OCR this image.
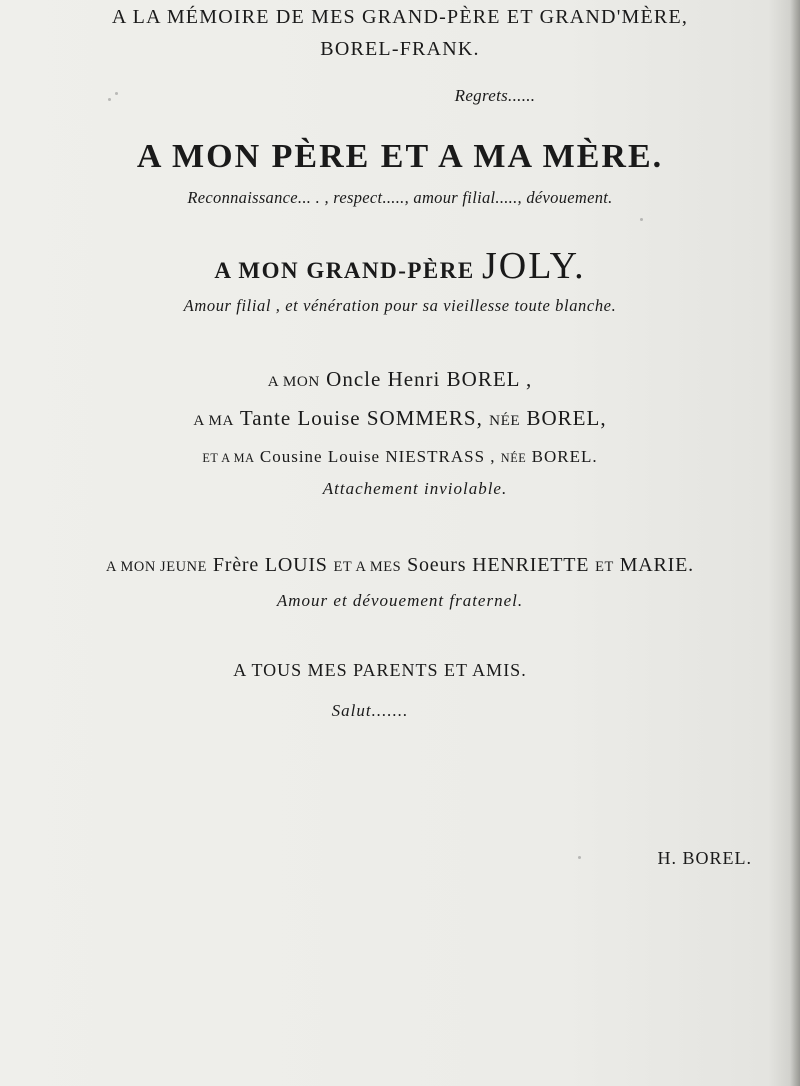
A LA MÉMOIRE DE MES GRAND-PÈRE ET GRAND'MÈRE,
BOREL-FRANK.
Regrets......
A MON PÈRE ET A MA MÈRE.
Reconnaissance... . , respect....., amour filial....., dévouement.
A MON GRAND-PÈRE JOLY.
Amour filial , et vénération pour sa vieillesse toute blanche.
A MON Oncle Henri BOREL ,
A MA Tante Louise SOMMERS, NÉE BOREL,
ET A MA Cousine Louise NIESTRASS , NÉE BOREL.
Attachement inviolable.
A MON JEUNE Frère LOUIS ET A MES Soeurs HENRIETTE ET MARIE.
Amour et dévouement fraternel.
A TOUS MES PARENTS ET AMIS.
Salut.......
H. BOREL.
